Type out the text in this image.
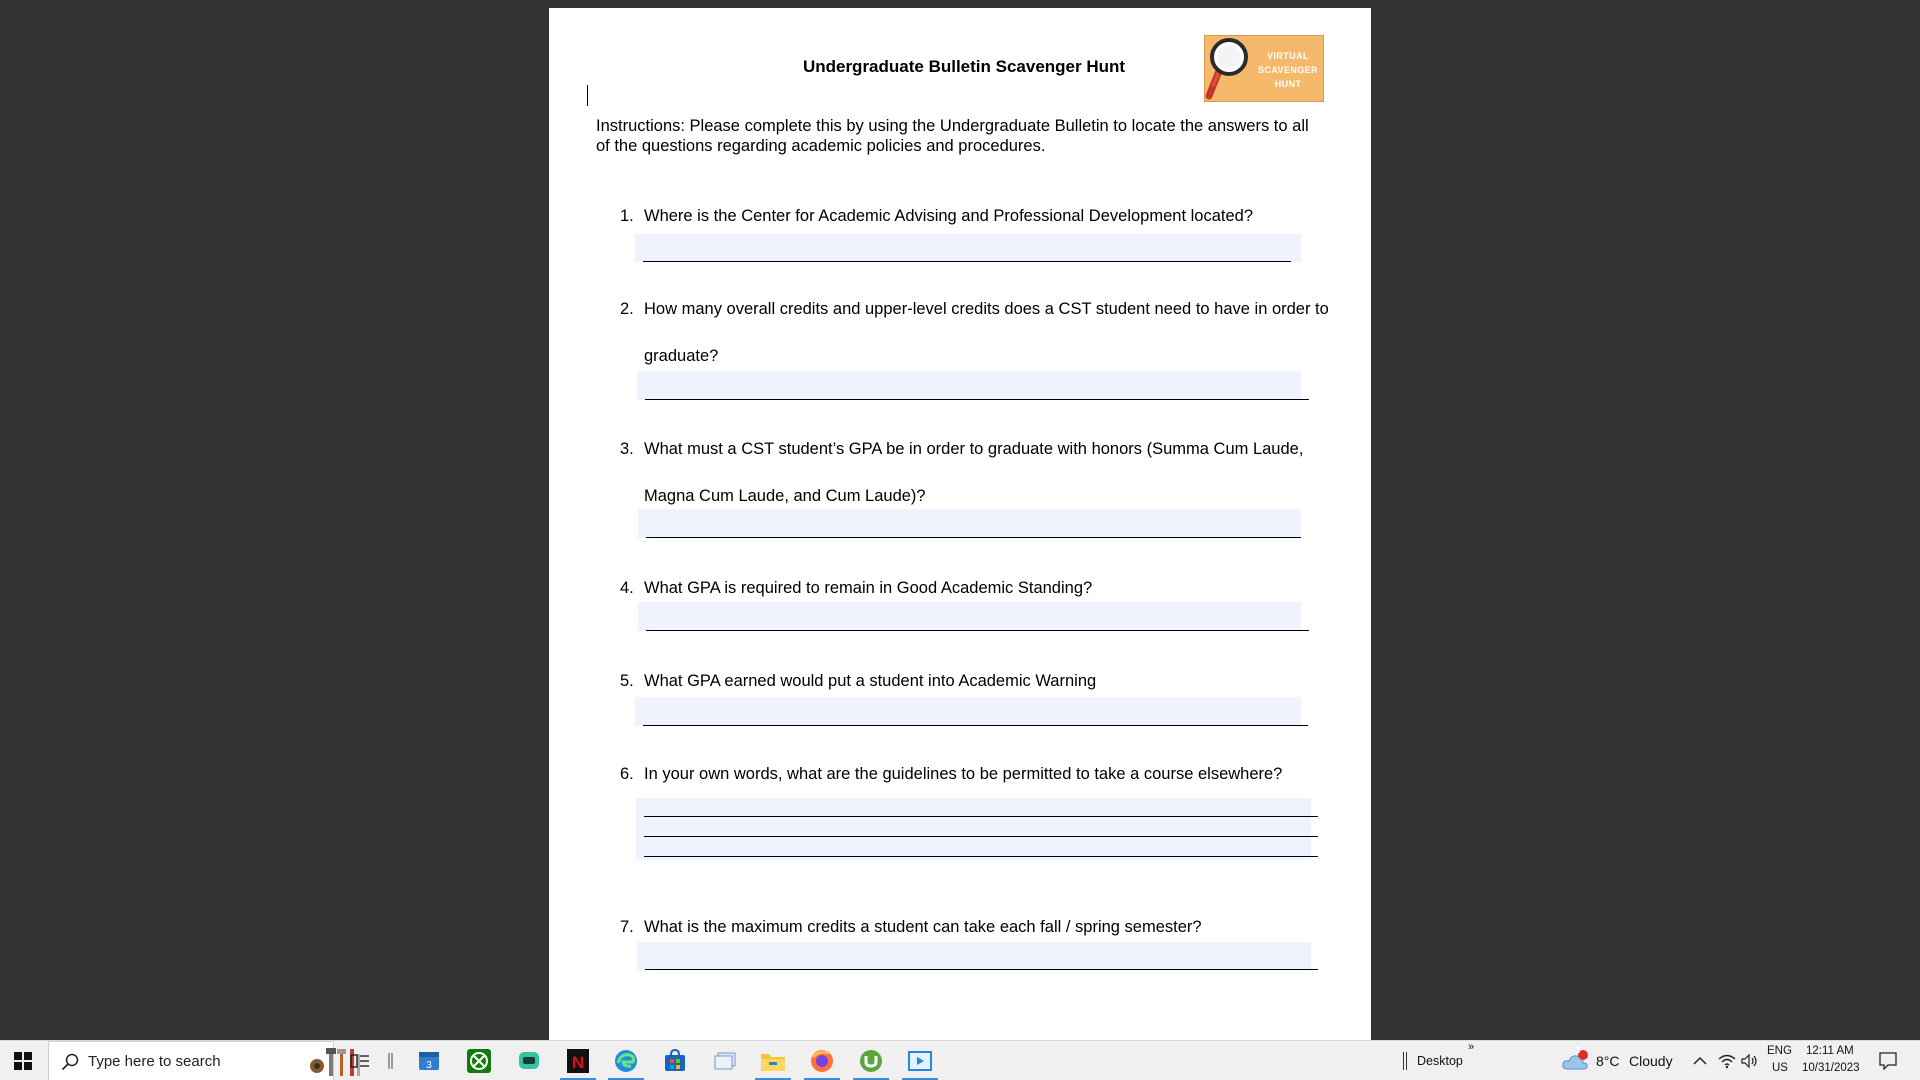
Undergraduate Bulletin Scavenger Hunt
VIRTUAL
SCAVENGER
HUNT
Instructions: Please complete this by using the Undergraduate Bulletin to locate the answers to all of the questions regarding academic policies and procedures.
1. Where is the Center for Academic Advising and Professional Development located?
2. How many overall credits and upper-level credits does a CST student need to have in order to graduate?
3. What must a CST student’s GPA be in order to graduate with honors (Summa Cum Laude, Magna Cum Laude, and Cum Laude)?
4. What GPA is required to remain in Good Academic Standing?
5. What GPA earned would put a student into Academic Warning
6. In your own words, what are the guidelines to be permitted to take a course elsewhere?
7. What is the maximum credits a student can take each fall / spring semester?
Type here to search	3	N	Desktop
»	1
8°C Cloudy
ENG
US
12:11 AM
10/31/2023
